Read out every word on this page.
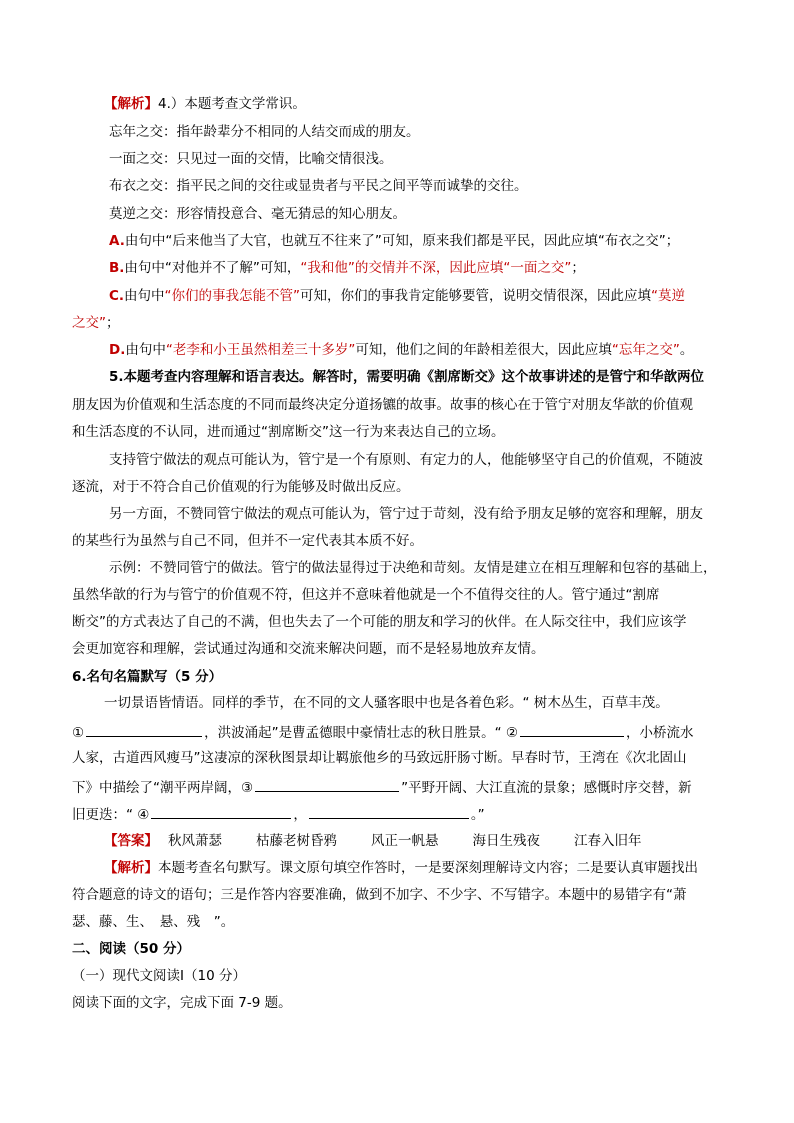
【解析】4.）本题考查文学常识。
忘年之交：指年龄辈分不相同的人结交而成的朋友。
一面之交：只见过一面的交情，比喻交情很浅。
布衣之交：指平民之间的交往或显贵者与平民之间平等而诚挚的交往。
莫逆之交：形容情投意合、毫无猜忌的知心朋友。
A.由句中“后来他当了大官，也就互不往来了”可知，原来我们都是平民，因此应填“布衣之交”；
B.由句中“对他并不了解”可知，“我和他”的交情并不深，因此应填“一面之交”；
C.由句中“你们的事我怎能不管”可知，你们的事我肯定能够要管，说明交情很深，因此应填“莫逆
之交”；
D.由句中“老李和小王虽然相差三十多岁”可知，他们之间的年龄相差很大，因此应填“忘年之交”。
5.本题考查内容理解和语言表达。解答时，需要明确《割席断交》这个故事讲述的是管宁和华歆两位
朋友因为价值观和生活态度的不同而最终决定分道扬镳的故事。故事的核心在于管宁对朋友华歆的价值观
和生活态度的不认同，进而通过“割席断交”这一行为来表达自己的立场。
支持管宁做法的观点可能认为，管宁是一个有原则、有定力的人，他能够坚守自己的价值观，不随波
逐流，对于不符合自己价值观的行为能够及时做出反应。
另一方面，不赞同管宁做法的观点可能认为，管宁过于苛刻，没有给予朋友足够的宽容和理解，朋友
的某些行为虽然与自己不同，但并不一定代表其本质不好。
示例：不赞同管宁的做法。管宁的做法显得过于决绝和苛刻。友情是建立在相互理解和包容的基础上，
虽然华歆的行为与管宁的价值观不符，但这并不意味着他就是一个不值得交往的人。管宁通过“割席
断交”的方式表达了自己的不满，但也失去了一个可能的朋友和学习的伙伴。在人际交往中，我们应该学
会更加宽容和理解，尝试通过沟通和交流来解决问题，而不是轻易地放弃友情。
6.名句名篇默写（5 分）
一切景语皆情语。同样的季节，在不同的文人骚客眼中也是各着色彩。“ 树木丛生，百草丰茂。
①	，洪波涌起”是曹孟德眼中豪情壮志的秋日胜景。“ ②	，小桥流水
人家，古道西风瘦马”这凄凉的深秋图景却让羁旅他乡的马致远肝肠寸断。早春时节，王湾在《次北固山
下》中描绘了“潮平两岸阔，③	”平野开阔、大江直流的景象；感慨时序交替，新
旧更迭：“ ④	，	。”
【答案】 秋风萧瑟	枯藤老树昏鸦	风正一帆悬	海日生残夜	江春入旧年
【解析】本题考查名句默写。课文原句填空作答时，一是要深刻理解诗文内容；二是要认真审题找出
符合题意的诗文的语句；三是作答内容要准确，做到不加字、不少字、不写错字。本题中的易错字有“萧
瑟、藤、生、　悬、残　”。
二、阅读（50 分）
（一）现代文阅读Ⅰ（10 分）
阅读下面的文字，完成下面 7-9 题。
